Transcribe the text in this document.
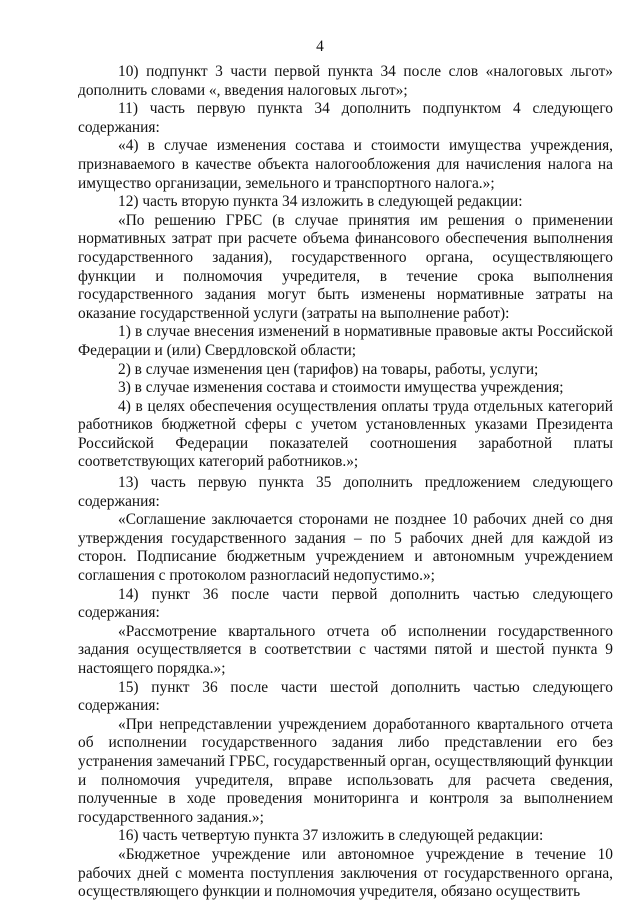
4

10) подпункт 3 части первой пункта 34 после слов «налоговых льгот» дополнить словами «, введения налоговых льгот»;

11) часть первую пункта 34 дополнить подпунктом 4 следующего содержания:

«4) в случае изменения состава и стоимости имущества учреждения, признаваемого в качестве объекта налогообложения для начисления налога на имущество организации, земельного и транспортного налога.»;

12) часть вторую пункта 34 изложить в следующей редакции:

«По решению ГРБС (в случае принятия им решения о применении нормативных затрат при расчете объема финансового обеспечения выполнения государственного задания), государственного органа, осуществляющего функции и полномочия учредителя, в течение срока выполнения государственного задания могут быть изменены нормативные затраты на оказание государственной услуги (затраты на выполнение работ):

1) в случае внесения изменений в нормативные правовые акты Российской Федерации и (или) Свердловской области;

2) в случае изменения цен (тарифов) на товары, работы, услуги;

3) в случае изменения состава и стоимости имущества учреждения;

4) в целях обеспечения осуществления оплаты труда отдельных категорий работников бюджетной сферы с учетом установленных указами Президента Российской Федерации показателей соотношения заработной платы соответствующих категорий работников.»;

13) часть первую пункта 35 дополнить предложением следующего содержания:

«Соглашение заключается сторонами не позднее 10 рабочих дней со дня утверждения государственного задания – по 5 рабочих дней для каждой из сторон. Подписание бюджетным учреждением и автономным учреждением соглашения с протоколом разногласий недопустимо.»;

14) пункт 36 после части первой дополнить частью следующего содержания:

«Рассмотрение квартального отчета об исполнении государственного задания осуществляется в соответствии с частями пятой и шестой пункта 9 настоящего порядка.»;

15) пункт 36 после части шестой дополнить частью следующего содержания:

«При непредставлении учреждением доработанного квартального отчета об исполнении государственного задания либо представлении его без устранения замечаний ГРБС, государственный орган, осуществляющий функции и полномочия учредителя, вправе использовать для расчета сведения, полученные в ходе проведения мониторинга и контроля за выполнением государственного задания.»;

16) часть четвертую пункта 37 изложить в следующей редакции:

«Бюджетное учреждение или автономное учреждение в течение 10 рабочих дней с момента поступления заключения от государственного органа, осуществляющего функции и полномочия учредителя, обязано осуществить
